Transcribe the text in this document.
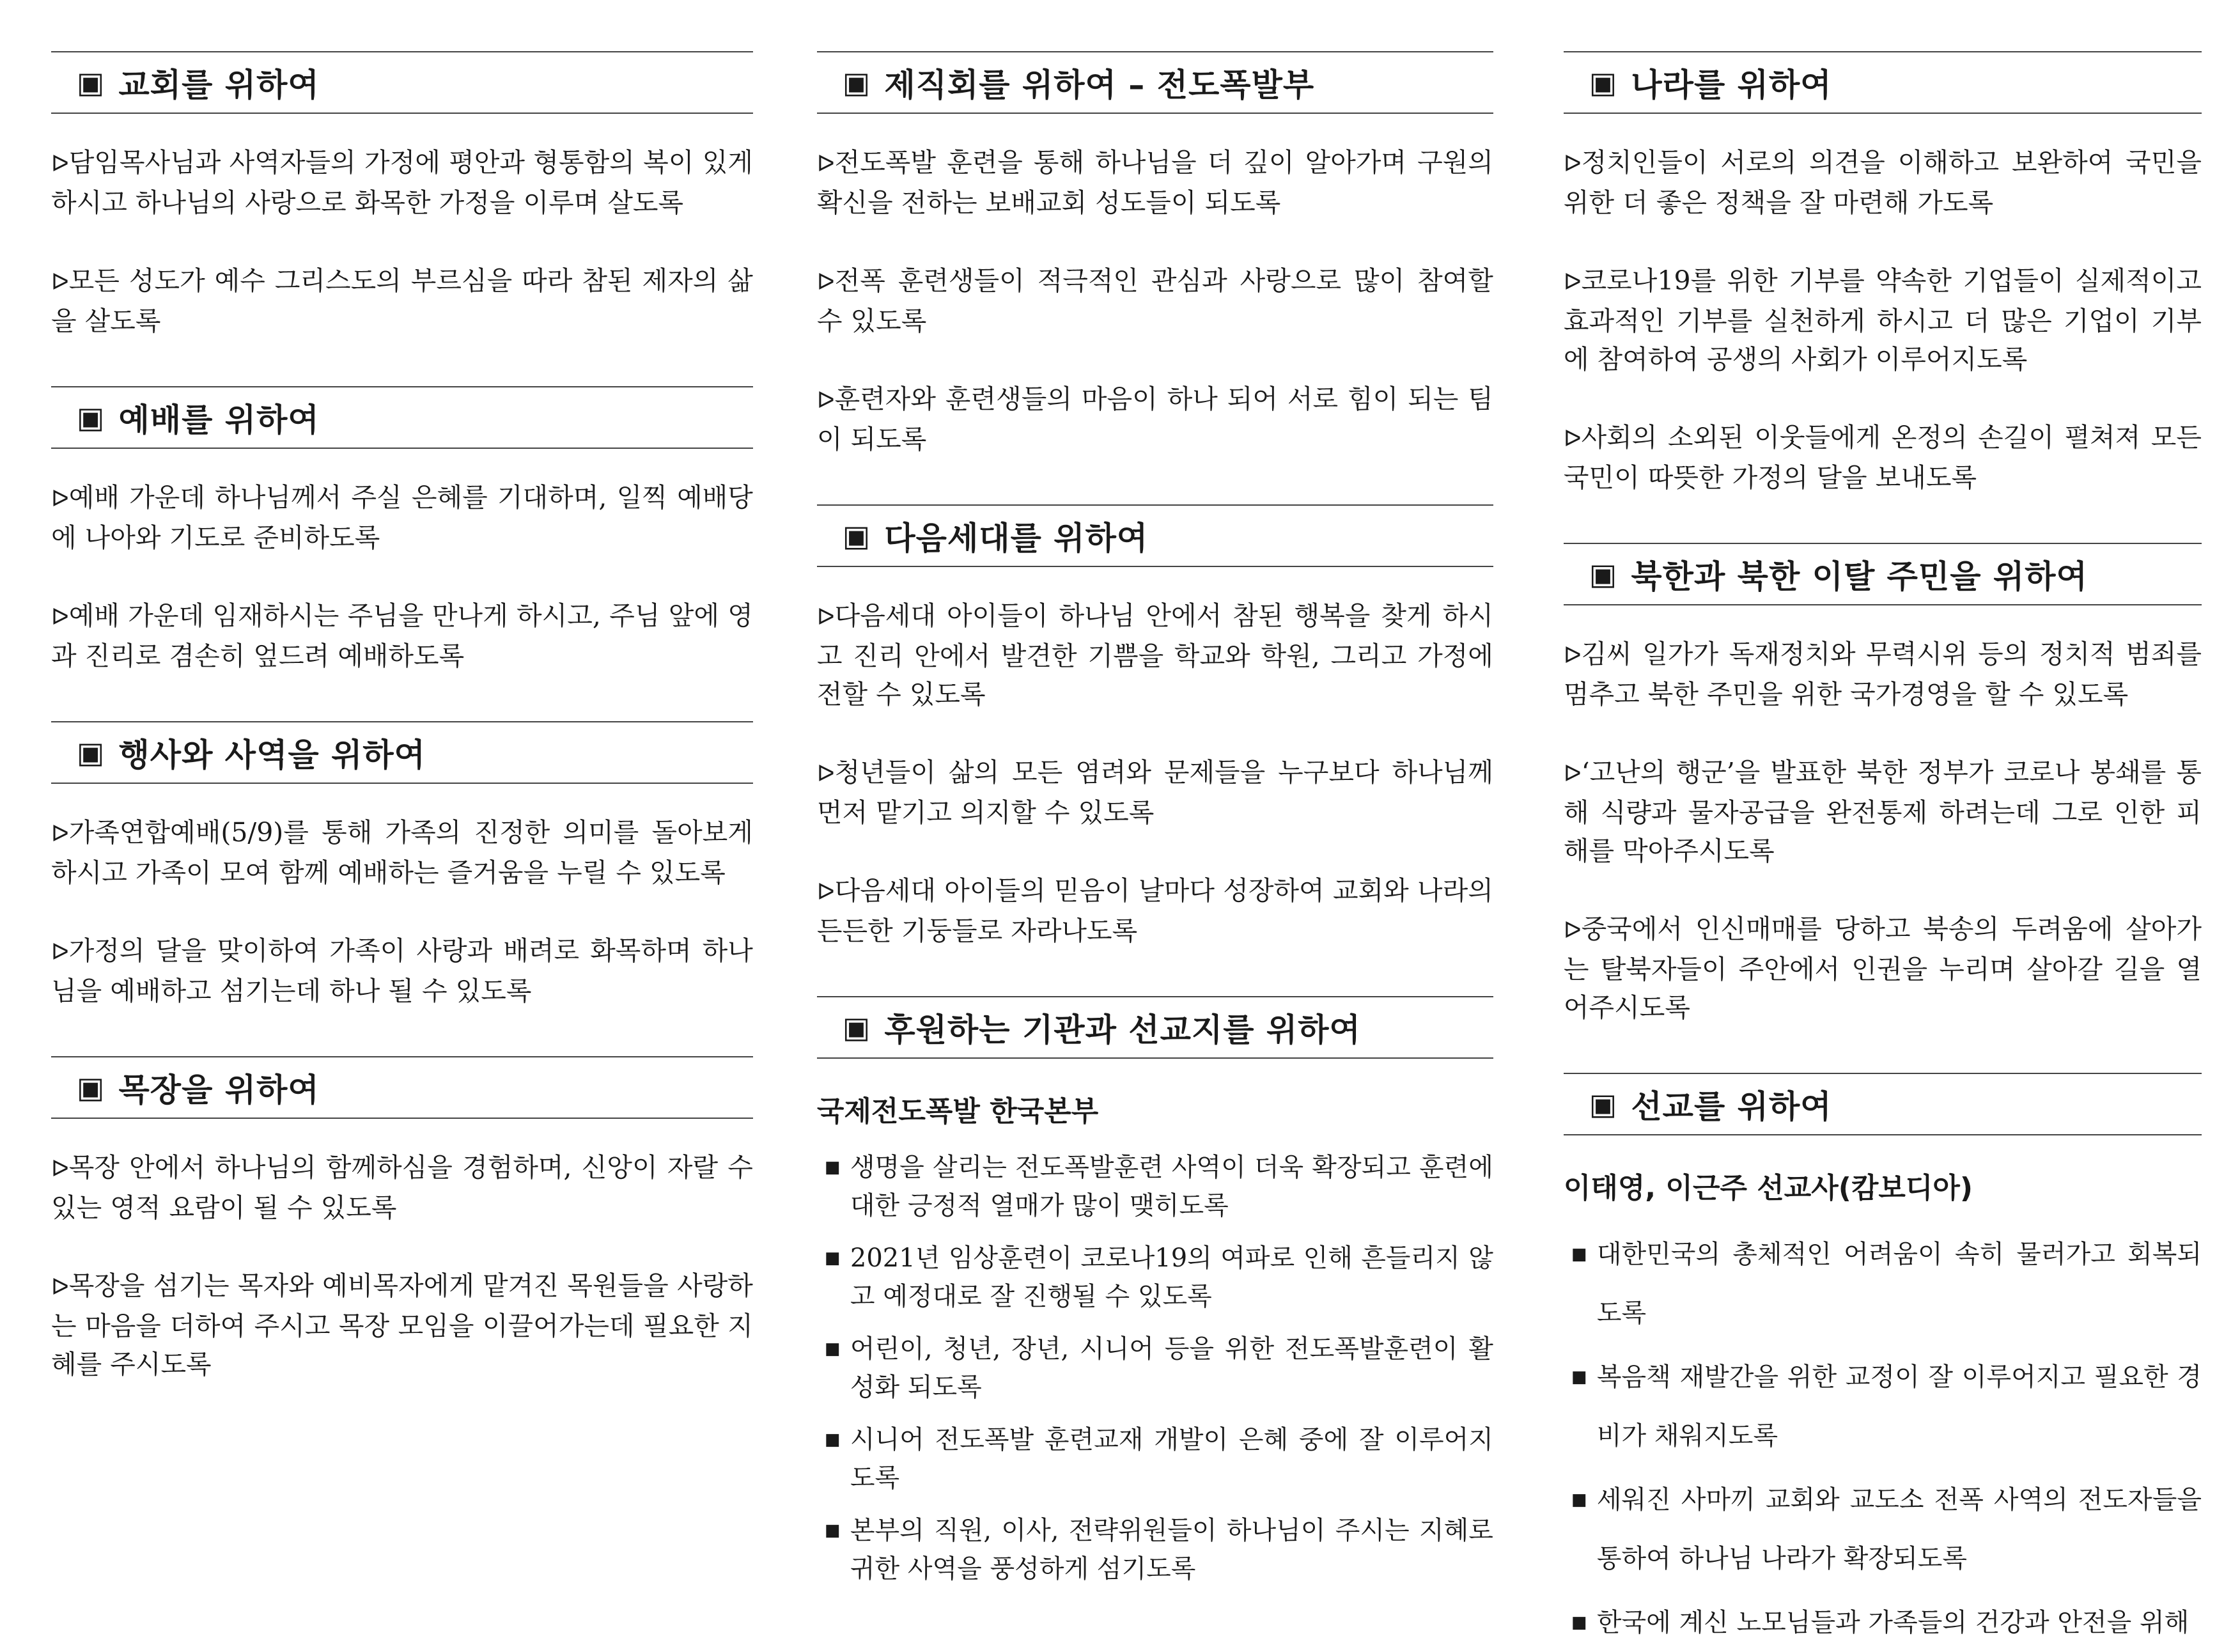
▣ 교회를 위하여

ᐅ담임목사님과 사역자들의 가정에 평안과 형통함의 복이 있게 하시고 하나님의 사랑으로 화목한 가정을 이루며 살도록

ᐅ모든 성도가 예수 그리스도의 부르심을 따라 참된 제자의 삶을 살도록

▣ 예배를 위하여

ᐅ예배 가운데 하나님께서 주실 은혜를 기대하며, 일찍 예배당에 나아와 기도로 준비하도록

ᐅ예배 가운데 임재하시는 주님을 만나게 하시고, 주님 앞에 영과 진리로 겸손히 엎드려 예배하도록

▣ 행사와 사역을 위하여

ᐅ가족연합예배(5/9)를 통해 가족의 진정한 의미를 돌아보게 하시고 가족이 모여 함께 예배하는 즐거움을 누릴 수 있도록

ᐅ가정의 달을 맞이하여 가족이 사랑과 배려로 화목하며 하나님을 예배하고 섬기는데 하나 될 수 있도록

▣ 목장을 위하여

ᐅ목장 안에서 하나님의 함께하심을 경험하며, 신앙이 자랄 수 있는 영적 요람이 될 수 있도록

ᐅ목장을 섬기는 목자와 예비목자에게 맡겨진 목원들을 사랑하는 마음을 더하여 주시고 목장 모임을 이끌어가는데 필요한 지혜를 주시도록

▣ 제직회를 위하여 – 전도폭발부

ᐅ전도폭발 훈련을 통해 하나님을 더 깊이 알아가며 구원의 확신을 전하는 보배교회 성도들이 되도록

ᐅ전폭 훈련생들이 적극적인 관심과 사랑으로 많이 참여할 수 있도록

ᐅ훈련자와 훈련생들의 마음이 하나 되어 서로 힘이 되는 팀이 되도록

▣ 다음세대를 위하여

ᐅ다음세대 아이들이 하나님 안에서 참된 행복을 찾게 하시고 진리 안에서 발견한 기쁨을 학교와 학원, 그리고 가정에 전할 수 있도록

ᐅ청년들이 삶의 모든 염려와 문제들을 누구보다 하나님께 먼저 맡기고 의지할 수 있도록

ᐅ다음세대 아이들의 믿음이 날마다 성장하여 교회와 나라의 든든한 기둥들로 자라나도록

▣ 후원하는 기관과 선교지를 위하여
국제전도폭발 한국본부
■ 생명을 살리는 전도폭발훈련 사역이 더욱 확장되고 훈련에 대한 긍정적 열매가 많이 맺히도록
■ 2021년 임상훈련이 코로나19의 여파로 인해 흔들리지 않고 예정대로 잘 진행될 수 있도록
■ 어린이, 청년, 장년, 시니어 등을 위한 전도폭발훈련이 활성화 되도록
■ 시니어 전도폭발 훈련교재 개발이 은혜 중에 잘 이루어지도록
■ 본부의 직원, 이사, 전략위원들이 하나님이 주시는 지혜로 귀한 사역을 풍성하게 섬기도록
▣ 나라를 위하여

ᐅ정치인들이 서로의 의견을 이해하고 보완하여 국민을 위한 더 좋은 정책을 잘 마련해 가도록

ᐅ코로나19를 위한 기부를 약속한 기업들이 실제적이고 효과적인 기부를 실천하게 하시고 더 많은 기업이 기부에 참여하여 공생의 사회가 이루어지도록

ᐅ사회의 소외된 이웃들에게 온정의 손길이 펼쳐져 모든 국민이 따뜻한 가정의 달을 보내도록

▣ 북한과 북한 이탈 주민을 위하여

ᐅ김씨 일가가 독재정치와 무력시위 등의 정치적 범죄를 멈추고 북한 주민을 위한 국가경영을 할 수 있도록

ᐅ‘고난의 행군’을 발표한 북한 정부가 코로나 봉쇄를 통해 식량과 물자공급을 완전통제 하려는데 그로 인한 피해를 막아주시도록

ᐅ중국에서 인신매매를 당하고 북송의 두려움에 살아가는 탈북자들이 주안에서 인권을 누리며 살아갈 길을 열어주시도록

▣ 선교를 위하여
이태영, 이근주 선교사(캄보디아)
■ 대한민국의 총체적인 어려움이 속히 물러가고 회복되도록
■ 복음책 재발간을 위한 교정이 잘 이루어지고 필요한 경비가 채워지도록
■ 세워진 사마끼 교회와 교도소 전폭 사역의 전도자들을 통하여 하나님 나라가 확장되도록
■ 한국에 계신 노모님들과 가족들의 건강과 안전을 위해
